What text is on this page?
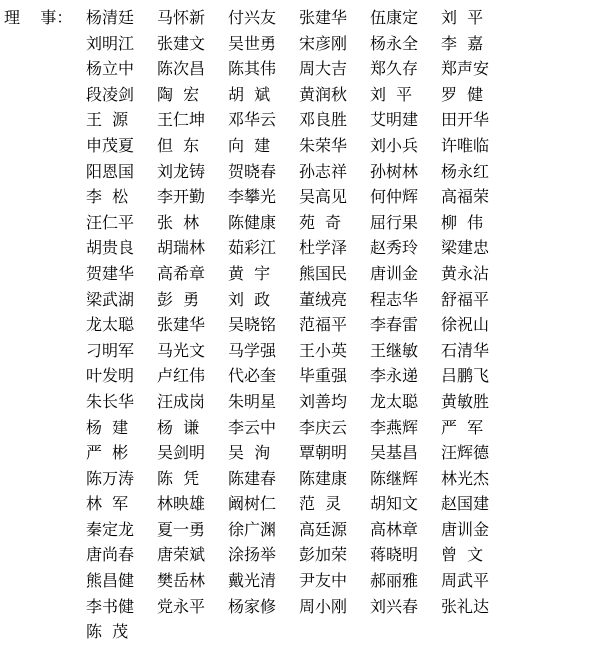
理    事： 杨清廷	马怀新	付兴友	张建华	伍康定	刘  平
刘明江	张建文	吴世勇	宋彦刚	杨永全	李  嘉
杨立中	陈次昌	陈其伟	周大吉	郑久存	郑声安
段凌剑	陶  宏	胡  斌	黄润秋	刘  平	罗  健
王  源	王仁坤	邓华云	邓良胜	艾明建	田开华
申茂夏	但  东	向  建	朱荣华	刘小兵	许唯临
阳恩国	刘龙铸	贺晓春	孙志祥	孙树林	杨永红
李  松	李开勤	李攀光	吴高见	何仲辉	高福荣
汪仁平	张  林	陈健康	苑  奇	屈行果	柳  伟
胡贵良	胡瑞林	茹彩江	杜学泽	赵秀玲	梁建忠
贺建华	高希章	黄  宇	熊国民	唐训金	黄永沾
梁武湖	彭  勇	刘  政	董绒亮	程志华	舒福平
龙太聪	张建华	吴晓铭	范福平	李春雷	徐祝山
刁明军	马光文	马学强	王小英	王继敏	石清华
叶发明	卢红伟	代必奎	毕重强	李永递	吕鹏飞
朱长华	汪成岗	朱明星	刘善均	龙太聪	黄敏胜
杨  建	杨  谦	李云中	李庆云	李燕辉	严  军
严  彬	吴剑明	吴  洵	覃朝明	吴基昌	汪辉德
陈万涛	陈  凭	陈建春	陈建康	陈继辉	林光杰
林  军	林映雄	阚树仁	范  灵	胡知文	赵国建
秦定龙	夏一勇	徐广渊	高廷源	高林章	唐训金
唐尚春	唐荣斌	涂扬举	彭加荣	蒋晓明	曾  文
熊昌健	樊岳林	戴光清	尹友中	郝丽雅	周武平
李书健	党永平	杨家修	周小刚	刘兴春	张礼达
陈  茂
